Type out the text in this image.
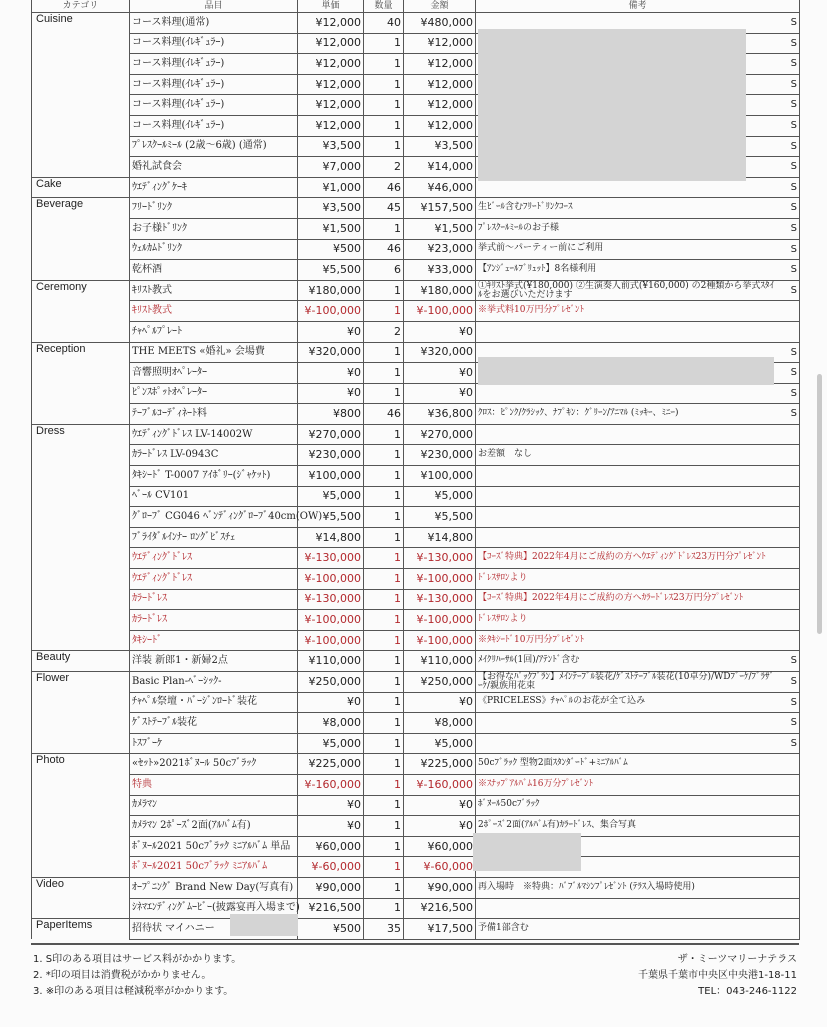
カテゴリ	品目	単価	数量	金額	備考
Cuisine	コース料理(通常)	¥12,000	40	¥480,000	S

	コース料理(ｲﾚｷﾞｭﾗｰ)	¥12,000	1	¥12,000	S

	コース料理(ｲﾚｷﾞｭﾗｰ)	¥12,000	1	¥12,000	S

	コース料理(ｲﾚｷﾞｭﾗｰ)	¥12,000	1	¥12,000	S

	コース料理(ｲﾚｷﾞｭﾗｰ)	¥12,000	1	¥12,000	S

	コース料理(ｲﾚｷﾞｭﾗｰ)	¥12,000	1	¥12,000	S

	ﾌﾟﾚｽｸｰﾙﾐｰﾙ (2歳～6歳) (通常)	¥3,500	1	¥3,500	S

	婚礼試食会	¥7,000	2	¥14,000	S

Cake	ｳｴﾃﾞｨﾝｸﾞｹｰｷ	¥1,000	46	¥46,000	S

Beverage	ﾌﾘｰﾄﾞﾘﾝｸ	¥3,500	45	¥157,500	生ﾋﾞｰﾙ含むﾌﾘｰﾄﾞﾘﾝｸｺｰｽ S

	お子様ﾄﾞﾘﾝｸ	¥1,500	1	¥1,500	ﾌﾟﾚｽｸｰﾙﾐｰﾙのお子様 S

	ｳｪﾙｶﾑﾄﾞﾘﾝｸ	¥500	46	¥23,000	挙式前～パーティー前にご利用 S

	乾杯酒	¥5,500	6	¥33,000	【ｱﾝｼﾞｪｰﾙﾌﾞﾘｭｯﾄ】8名様利用 S

Ceremony	ｷﾘｽﾄ教式	¥180,000	1	¥180,000	①ｷﾘｽﾄ挙式(¥180,000) ②生演奏人前式(¥160,000) の2種類から挙式ｽﾀｲﾙをお選びいただけます S

	ｷﾘｽﾄ教式	¥-100,000	1	¥-100,000	※挙式料10万円分ﾌﾟﾚｾﾞﾝﾄ

	ﾁｬﾍﾟﾙﾌﾟﾚｰﾄ	¥0	2	¥0	

Reception	THE MEETS «婚礼» 会場費	¥320,000	1	¥320,000	S

	音響照明ｵﾍﾟﾚｰﾀｰ	¥0	1	¥0	S

	ﾋﾟﾝｽﾎﾟｯﾄｵﾍﾟﾚｰﾀｰ	¥0	1	¥0	S

	ﾃｰﾌﾞﾙｺｰﾃﾞｨﾈｰﾄ料	¥800	46	¥36,800	ｸﾛｽ：ﾋﾟﾝｸ/ｸﾗｼｯｸ、ﾅﾌﾟｷﾝ：ｸﾞﾘｰﾝ/ｱﾆﾏﾙ (ﾐｯｷｰ、ﾐﾆｰ) S

Dress	ｳｴﾃﾞｨﾝｸﾞﾄﾞﾚｽ LV-14002W	¥270,000	1	¥270,000	

	ｶﾗｰﾄﾞﾚｽ LV-0943C	¥230,000	1	¥230,000	お差額　なし

	ﾀｷｼｰﾄﾞ T-0007 ｱｲﾎﾞﾘｰ(ｼﾞｬｹｯﾄ)	¥100,000	1	¥100,000	

	ﾍﾞｰﾙ CV101	¥5,000	1	¥5,000	

	ｸﾞﾛｰﾌﾞ CG046 ﾍﾞﾝﾃﾞｨﾝｸﾞﾛｰﾌﾞ40cm(OW)	¥5,500	1	¥5,500	

	ﾌﾞﾗｲﾀﾞﾙｲﾝﾅｰ ﾛﾝｸﾞﾋﾞｽﾁｪ	¥14,800	1	¥14,800	

	ｳｴﾃﾞｨﾝｸﾞﾄﾞﾚｽ	¥-130,000	1	¥-130,000	【ｺｰｽﾞ特典】2022年4月にご成約の方へｳｴﾃﾞｨﾝｸﾞﾄﾞﾚｽ23万円分ﾌﾟﾚｾﾞﾝﾄ

	ｳｴﾃﾞｨﾝｸﾞﾄﾞﾚｽ	¥-100,000	1	¥-100,000	ﾄﾞﾚｽｻﾛﾝより

	ｶﾗｰﾄﾞﾚｽ	¥-130,000	1	¥-130,000	【ｺｰｽﾞ特典】2022年4月にご成約の方へｶﾗｰﾄﾞﾚｽ23万円分ﾌﾟﾚｾﾞﾝﾄ

	ｶﾗｰﾄﾞﾚｽ	¥-100,000	1	¥-100,000	ﾄﾞﾚｽｻﾛﾝより

	ﾀｷｼｰﾄﾞ	¥-100,000	1	¥-100,000	※ﾀｷｼｰﾄﾞ10万円分ﾌﾟﾚｾﾞﾝﾄ

Beauty	洋装 新郎1・新婦2点	¥110,000	1	¥110,000	ﾒｲｸﾘﾊｰｻﾙ(1回)/ｱﾃﾝﾄﾞ含む S

Flower	Basic Plan-ﾍﾞｰｼｯｸ-	¥250,000	1	¥250,000	【お得なﾊﾟｯｸﾌﾟﾗﾝ】ﾒｲﾝﾃｰﾌﾞﾙ装花/ｹﾞｽﾄﾃｰﾌﾞﾙ装花(10卓分)/WDﾌﾞｰｹ/ﾌﾞﾗｻﾞｰｹ/親族用花束 S

	ﾁｬﾍﾟﾙ祭壇・ﾊﾞｰｼﾞﾝﾛｰﾄﾞ装花	¥0	1	¥0	《PRICELESS》ﾁｬﾍﾟﾙのお花が全て込み S

	ｹﾞｽﾄﾃｰﾌﾞﾙ装花	¥8,000	1	¥8,000	S

	ﾄｽﾌﾞｰｹ	¥5,000	1	¥5,000	S

Photo	«ｾｯﾄ»2021ﾎﾞﾇｰﾙ 50cﾌﾞﾗｯｸ	¥225,000	1	¥225,000	50cﾌﾞﾗｯｸ 型物2面ｽﾀﾝﾀﾞｰﾄﾞ+ﾐﾆｱﾙﾊﾞﾑ

	特典	¥-160,000	1	¥-160,000	※ｽﾅｯﾌﾟｱﾙﾊﾞﾑ16万分ﾌﾟﾚｾﾞﾝﾄ

	ｶﾒﾗﾏﾝ	¥0	1	¥0	ﾎﾞﾇｰﾙ50cﾌﾞﾗｯｸ

	ｶﾒﾗﾏﾝ 2ﾎﾟｰｽﾞ2面(ｱﾙﾊﾞﾑ有)	¥0	1	¥0	2ﾎﾟｰｽﾞ2面(ｱﾙﾊﾞﾑ有)ｶﾗｰﾄﾞﾚｽ、集合写真

	ﾎﾞﾇｰﾙ2021 50cﾌﾞﾗｯｸ ﾐﾆｱﾙﾊﾞﾑ 単品	¥60,000	1	¥60,000	

	ﾎﾞﾇｰﾙ2021 50cﾌﾞﾗｯｸ ﾐﾆｱﾙﾊﾞﾑ	¥-60,000	1	¥-60,000	

Video	ｵｰﾌﾟﾆﾝｸﾞ Brand New Day(写真有)	¥90,000	1	¥90,000	再入場時　※特典：ﾊﾞﾌﾞﾙﾏｼﾝﾌﾟﾚｾﾞﾝﾄ (ﾃﾗｽ入場時使用)

	ｼﾈﾏｴﾝﾃﾞｨﾝｸﾞﾑｰﾋﾞｰ(披露宴再入場まで)	¥216,500	1	¥216,500	

PaperItems	招待状 マイハニー	¥500	35	¥17,500	予備1部含む
1. S印のある項目はサービス料がかかります。
2. *印の項目は消費税がかかりません。
3. ※印のある項目は軽減税率がかかります。
ザ・ミーツマリーナテラス
千葉県千葉市中央区中央港1-18-11
TEL：043-246-1122
